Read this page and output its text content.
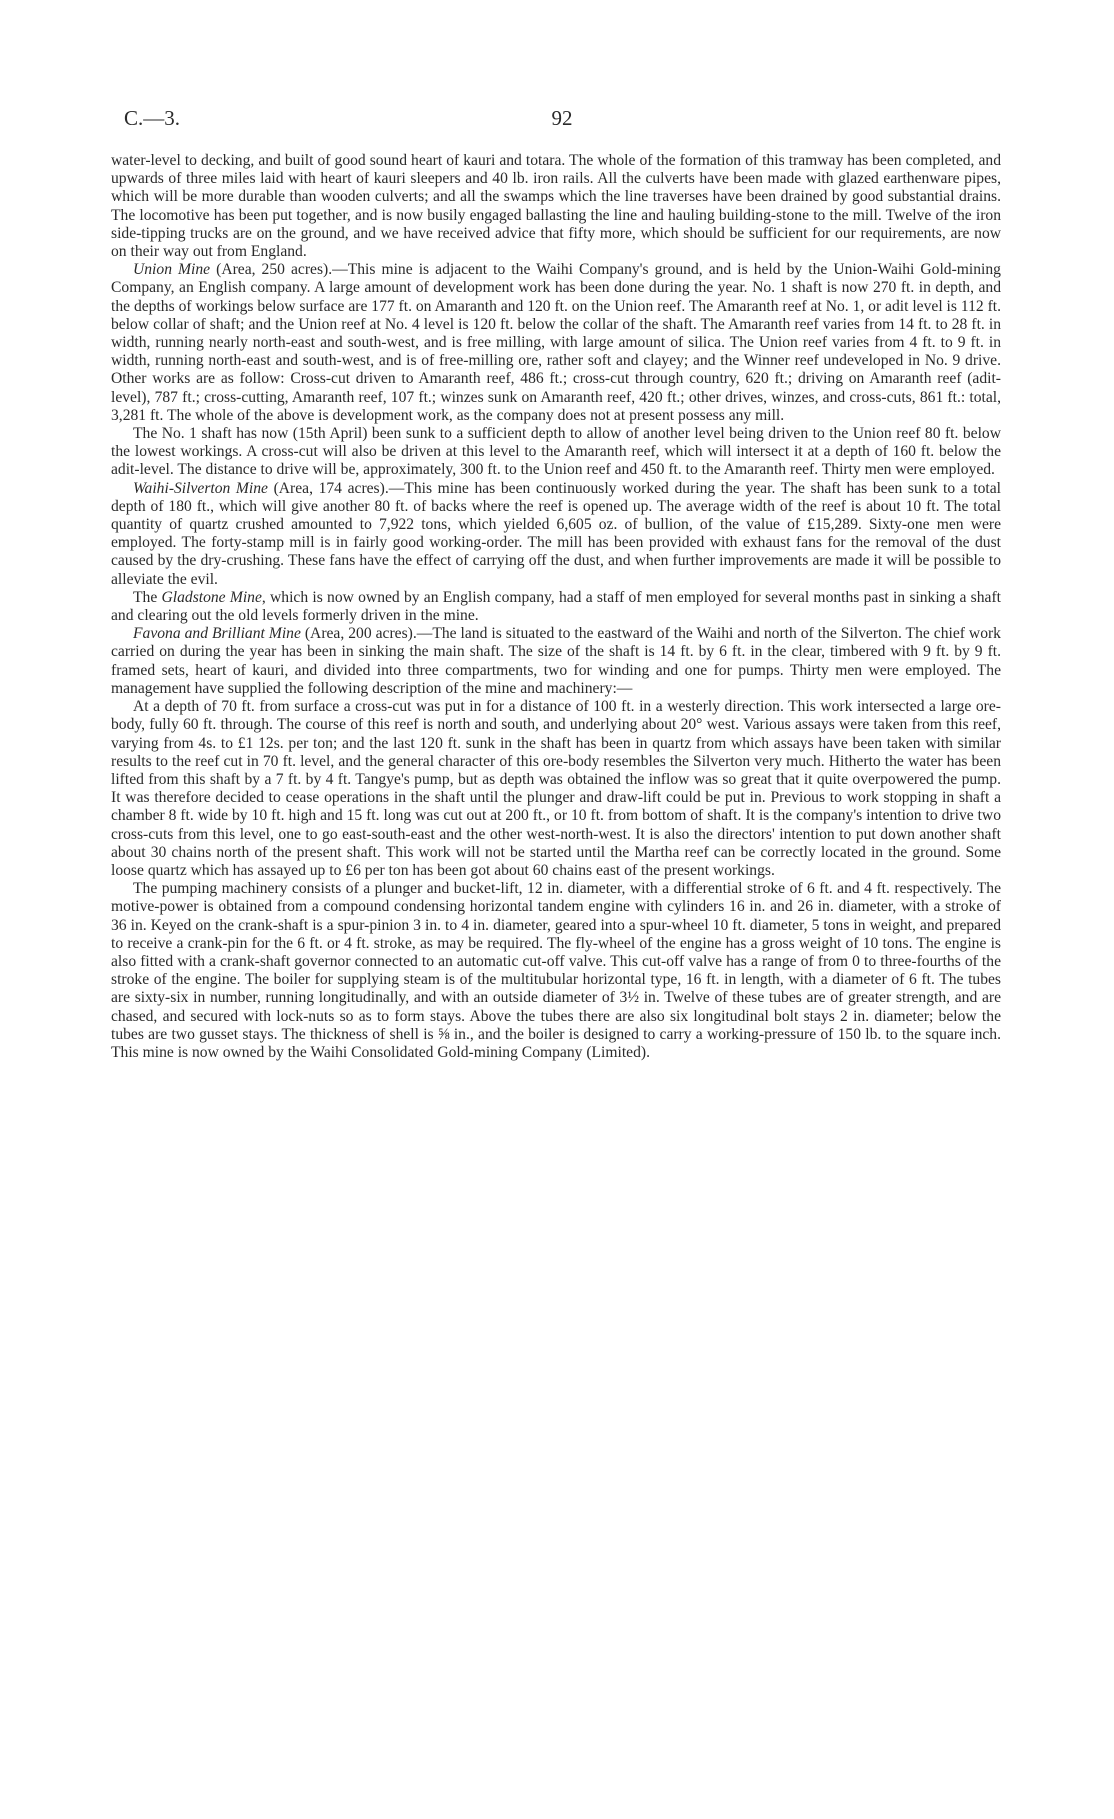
C.—3.	92

water-level to decking, and built of good sound heart of kauri and totara. The whole of the formation of this tramway has been completed, and upwards of three miles laid with heart of kauri sleepers and 40 lb. iron rails. All the culverts have been made with glazed earthenware pipes, which will be more durable than wooden culverts; and all the swamps which the line traverses have been drained by good substantial drains. The locomotive has been put together, and is now busily engaged ballasting the line and hauling building-stone to the mill. Twelve of the iron side-tipping trucks are on the ground, and we have received advice that fifty more, which should be sufficient for our requirements, are now on their way out from England.

Union Mine (Area, 250 acres).—This mine is adjacent to the Waihi Company's ground, and is held by the Union-Waihi Gold-mining Company, an English company. A large amount of development work has been done during the year. No. 1 shaft is now 270 ft. in depth, and the depths of workings below surface are 177 ft. on Amaranth and 120 ft. on the Union reef. The Amaranth reef at No. 1, or adit level is 112 ft. below collar of shaft; and the Union reef at No. 4 level is 120 ft. below the collar of the shaft. The Amaranth reef varies from 14 ft. to 28 ft. in width, running nearly north-east and south-west, and is free milling, with large amount of silica. The Union reef varies from 4 ft. to 9 ft. in width, running north-east and south-west, and is of free-milling ore, rather soft and clayey; and the Winner reef undeveloped in No. 9 drive. Other works are as follow: Cross-cut driven to Amaranth reef, 486 ft.; cross-cut through country, 620 ft.; driving on Amaranth reef (adit-level), 787 ft.; cross-cutting, Amaranth reef, 107 ft.; winzes sunk on Amaranth reef, 420 ft.; other drives, winzes, and cross-cuts, 861 ft.: total, 3,281 ft. The whole of the above is development work, as the company does not at present possess any mill.

The No. 1 shaft has now (15th April) been sunk to a sufficient depth to allow of another level being driven to the Union reef 80 ft. below the lowest workings. A cross-cut will also be driven at this level to the Amaranth reef, which will intersect it at a depth of 160 ft. below the adit-level. The distance to drive will be, approximately, 300 ft. to the Union reef and 450 ft. to the Amaranth reef. Thirty men were employed.

Waihi-Silverton Mine (Area, 174 acres).—This mine has been continuously worked during the year. The shaft has been sunk to a total depth of 180 ft., which will give another 80 ft. of backs where the reef is opened up. The average width of the reef is about 10 ft. The total quantity of quartz crushed amounted to 7,922 tons, which yielded 6,605 oz. of bullion, of the value of £15,289. Sixty-one men were employed. The forty-stamp mill is in fairly good working-order. The mill has been provided with exhaust fans for the removal of the dust caused by the dry-crushing. These fans have the effect of carrying off the dust, and when further improvements are made it will be possible to alleviate the evil.

The Gladstone Mine, which is now owned by an English company, had a staff of men employed for several months past in sinking a shaft and clearing out the old levels formerly driven in the mine.

Favona and Brilliant Mine (Area, 200 acres).—The land is situated to the eastward of the Waihi and north of the Silverton. The chief work carried on during the year has been in sinking the main shaft. The size of the shaft is 14 ft. by 6 ft. in the clear, timbered with 9 ft. by 9 ft. framed sets, heart of kauri, and divided into three compartments, two for winding and one for pumps. Thirty men were employed. The management have supplied the following description of the mine and machinery:—

At a depth of 70 ft. from surface a cross-cut was put in for a distance of 100 ft. in a westerly direction. This work intersected a large ore-body, fully 60 ft. through. The course of this reef is north and south, and underlying about 20° west. Various assays were taken from this reef, varying from 4s. to £1 12s. per ton; and the last 120 ft. sunk in the shaft has been in quartz from which assays have been taken with similar results to the reef cut in 70 ft. level, and the general character of this ore-body resembles the Silverton very much. Hitherto the water has been lifted from this shaft by a 7 ft. by 4 ft. Tangye's pump, but as depth was obtained the inflow was so great that it quite overpowered the pump. It was therefore decided to cease operations in the shaft until the plunger and draw-lift could be put in. Previous to work stopping in shaft a chamber 8 ft. wide by 10 ft. high and 15 ft. long was cut out at 200 ft., or 10 ft. from bottom of shaft. It is the company's intention to drive two cross-cuts from this level, one to go east-south-east and the other west-north-west. It is also the directors' intention to put down another shaft about 30 chains north of the present shaft. This work will not be started until the Martha reef can be correctly located in the ground. Some loose quartz which has assayed up to £6 per ton has been got about 60 chains east of the present workings.

The pumping machinery consists of a plunger and bucket-lift, 12 in. diameter, with a differential stroke of 6 ft. and 4 ft. respectively. The motive-power is obtained from a compound condensing horizontal tandem engine with cylinders 16 in. and 26 in. diameter, with a stroke of 36 in. Keyed on the crank-shaft is a spur-pinion 3 in. to 4 in. diameter, geared into a spur-wheel 10 ft. diameter, 5 tons in weight, and prepared to receive a crank-pin for the 6 ft. or 4 ft. stroke, as may be required. The fly-wheel of the engine has a gross weight of 10 tons. The engine is also fitted with a crank-shaft governor connected to an automatic cut-off valve. This cut-off valve has a range of from 0 to three-fourths of the stroke of the engine. The boiler for supplying steam is of the multitubular horizontal type, 16 ft. in length, with a diameter of 6 ft. The tubes are sixty-six in number, running longitudinally, and with an outside diameter of 3½ in. Twelve of these tubes are of greater strength, and are chased, and secured with lock-nuts so as to form stays. Above the tubes there are also six longitudinal bolt stays 2 in. diameter; below the tubes are two gusset stays. The thickness of shell is ⅝ in., and the boiler is designed to carry a working-pressure of 150 lb. to the square inch. This mine is now owned by the Waihi Consolidated Gold-mining Company (Limited).
